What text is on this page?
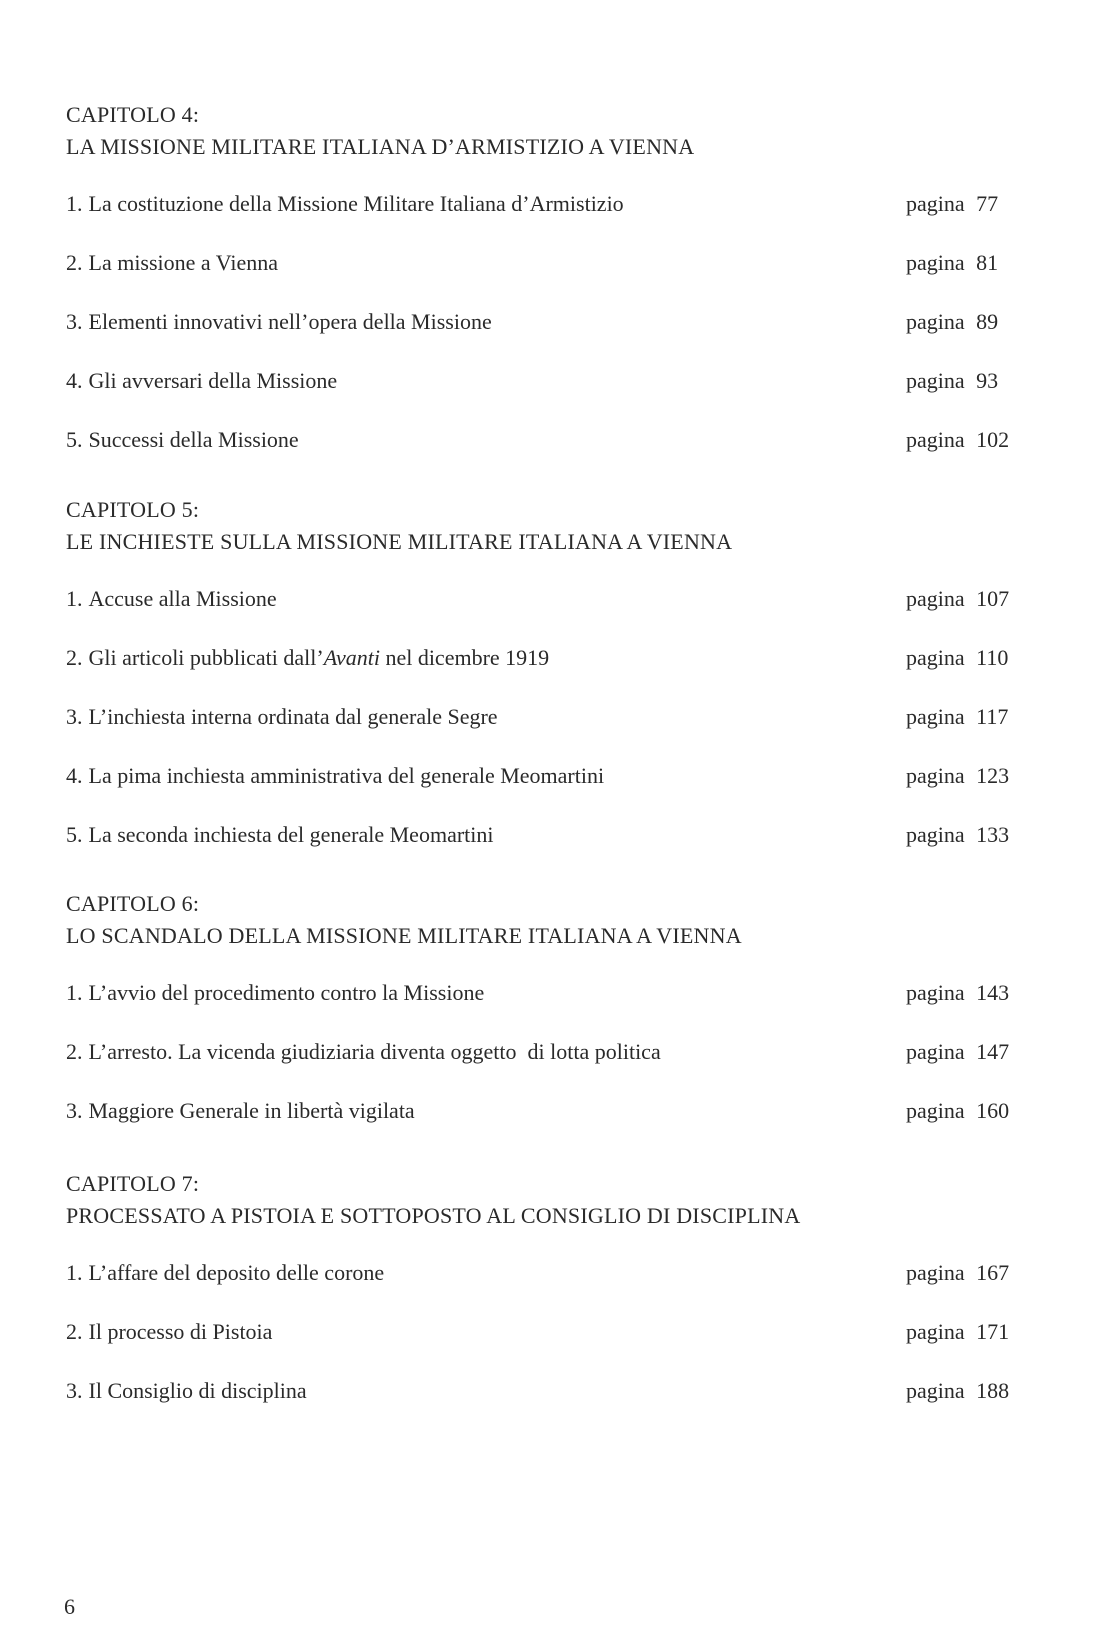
CAPITOLO 4:
LA MISSIONE MILITARE ITALIANA D’ARMISTIZIO A VIENNA
1. La costituzione della Missione Militare Italiana d’Armistizio	pagina 77
2. La missione a Vienna	pagina 81
3. Elementi innovativi nell’opera della Missione	pagina 89
4. Gli avversari della Missione	pagina 93
5. Successi della Missione	pagina 102
CAPITOLO 5:
LE INCHIESTE SULLA MISSIONE MILITARE ITALIANA A VIENNA
1. Accuse alla Missione	pagina 107
2. Gli articoli pubblicati dall’Avanti nel dicembre 1919	pagina 110
3. L’inchiesta interna ordinata dal generale Segre	pagina 117
4. La pima inchiesta amministrativa del generale Meomartini	pagina 123
5. La seconda inchiesta del generale Meomartini	pagina 133
CAPITOLO 6:
LO SCANDALO DELLA MISSIONE MILITARE ITALIANA A VIENNA
1. L’avvio del procedimento contro la Missione	pagina 143
2. L’arresto. La vicenda giudiziaria diventa oggetto  di lotta politica	pagina 147
3. Maggiore Generale in libertà vigilata	pagina 160
CAPITOLO 7:
PROCESSATO A PISTOIA E SOTTOPOSTO AL CONSIGLIO DI DISCIPLINA
1. L’affare del deposito delle corone	pagina 167
2. Il processo di Pistoia	pagina 171
3. Il Consiglio di disciplina	pagina 188
6
